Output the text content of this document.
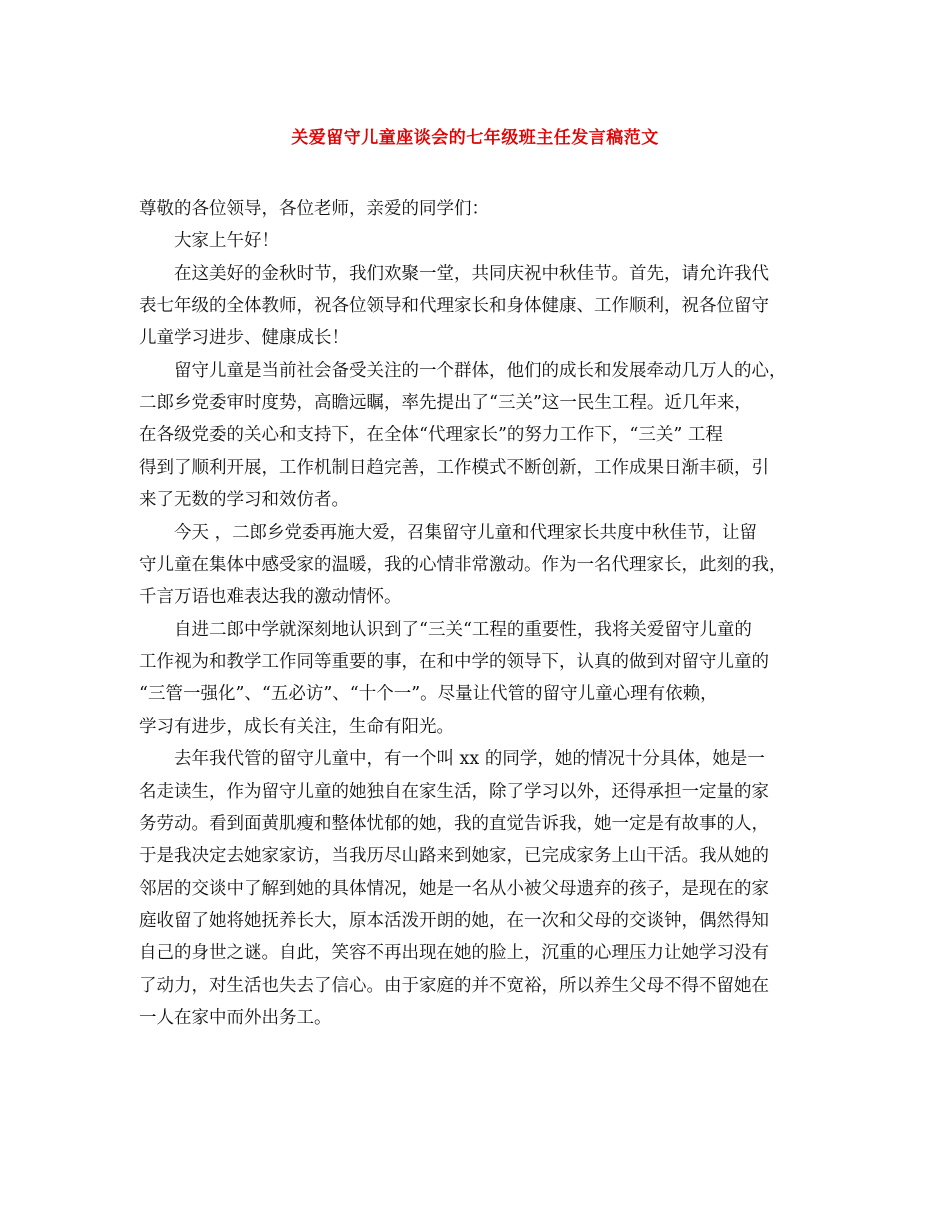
关爱留守儿童座谈会的七年级班主任发言稿范文
尊敬的各位领导，各位老师，亲爱的同学们：
大家上午好！
在这美好的金秋时节，我们欢聚一堂，共同庆祝中秋佳节。首先，请允许我代
表七年级的全体教师，祝各位领导和代理家长和身体健康、工作顺利，祝各位留守
儿童学习进步、健康成长！
留守儿童是当前社会备受关注的一个群体，他们的成长和发展牵动几万人的心，
二郎乡党委审时度势，高瞻远瞩，率先提出了“三关”这一民生工程。近几年来，
在各级党委的关心和支持下，在全体“代理家长”的努力工作下，“三关” 工程
得到了顺利开展，工作机制日趋完善，工作模式不断创新，工作成果日渐丰硕，引
来了无数的学习和效仿者。
今天 ，二郎乡党委再施大爱，召集留守儿童和代理家长共度中秋佳节，让留
守儿童在集体中感受家的温暖，我的心情非常激动。作为一名代理家长，此刻的我，
千言万语也难表达我的激动情怀。
自进二郎中学就深刻地认识到了“三关“工程的重要性，我将关爱留守儿童的
工作视为和教学工作同等重要的事，在和中学的领导下，认真的做到对留守儿童的
“三管一强化”、“五必访”、“十个一”。尽量让代管的留守儿童心理有依赖，
学习有进步，成长有关注，生命有阳光。
去年我代管的留守儿童中，有一个叫 xx 的同学，她的情况十分具体，她是一
名走读生，作为留守儿童的她独自在家生活，除了学习以外，还得承担一定量的家
务劳动。看到面黄肌瘦和整体忧郁的她，我的直觉告诉我，她一定是有故事的人，
于是我决定去她家家访，当我历尽山路来到她家，已完成家务上山干活。我从她的
邻居的交谈中了解到她的具体情况，她是一名从小被父母遗弃的孩子，是现在的家
庭收留了她将她抚养长大，原本活泼开朗的她，在一次和父母的交谈钟，偶然得知
自己的身世之谜。自此，笑容不再出现在她的脸上，沉重的心理压力让她学习没有
了动力，对生活也失去了信心。由于家庭的并不宽裕，所以养生父母不得不留她在
一人在家中而外出务工。
